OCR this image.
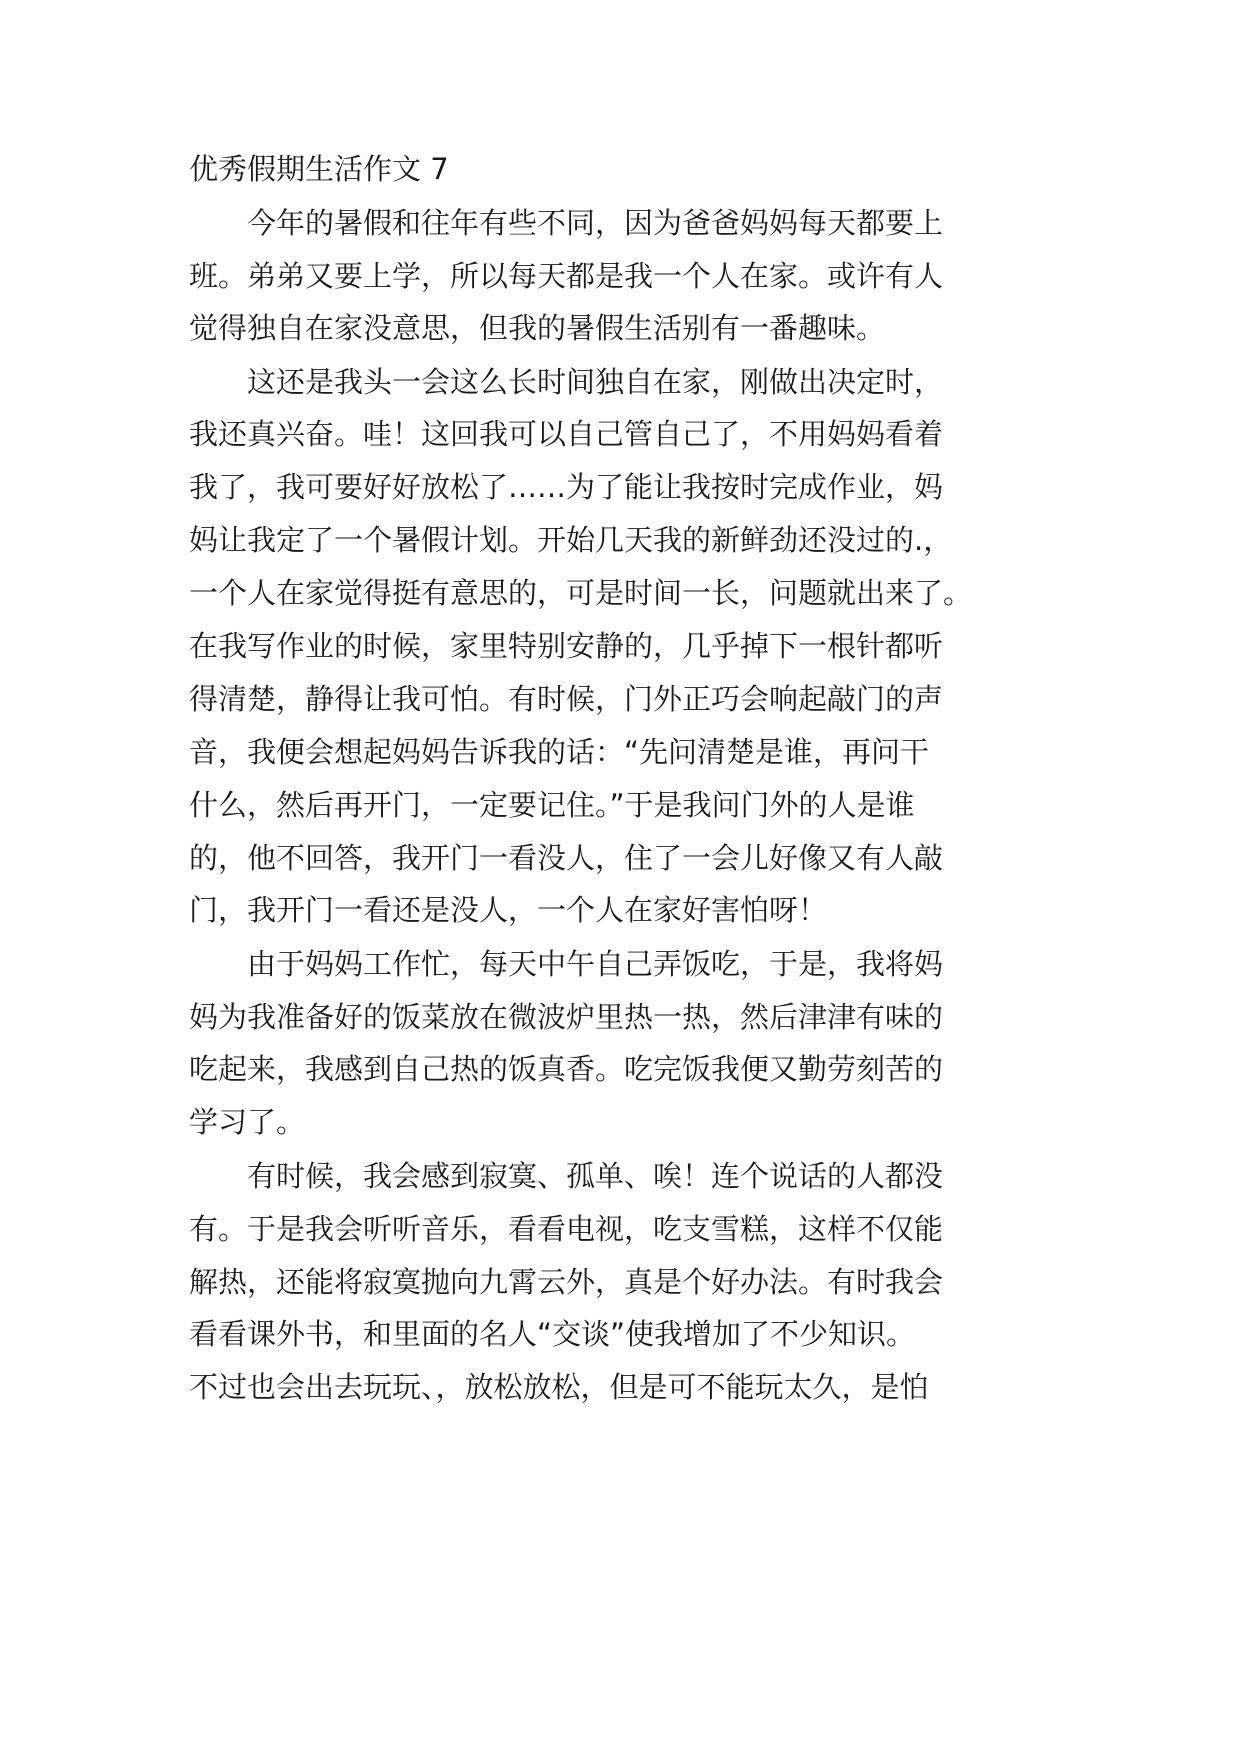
优秀假期生活作文 7
　　今年的暑假和往年有些不同，因为爸爸妈妈每天都要上
班。弟弟又要上学，所以每天都是我一个人在家。或许有人
觉得独自在家没意思，但我的暑假生活别有一番趣味。
　　这还是我头一会这么长时间独自在家，刚做出决定时，
我还真兴奋。哇！这回我可以自己管自己了，不用妈妈看着
我了，我可要好好放松了……为了能让我按时完成作业，妈
妈让我定了一个暑假计划。开始几天我的新鲜劲还没过的.，
一个人在家觉得挺有意思的，可是时间一长，问题就出来了。
在我写作业的时候，家里特别安静的，几乎掉下一根针都听
得清楚，静得让我可怕。有时候，门外正巧会响起敲门的声
音，我便会想起妈妈告诉我的话：“先问清楚是谁，再问干
什么，然后再开门，一定要记住。”于是我问门外的人是谁
的，他不回答，我开门一看没人，住了一会儿好像又有人敲
门，我开门一看还是没人，一个人在家好害怕呀！
　　由于妈妈工作忙，每天中午自己弄饭吃，于是，我将妈
妈为我准备好的饭菜放在微波炉里热一热，然后津津有味的
吃起来，我感到自己热的饭真香。吃完饭我便又勤劳刻苦的
学习了。
　　有时候，我会感到寂寞、孤单、唉！连个说话的人都没
有。于是我会听听音乐，看看电视，吃支雪糕，这样不仅能
解热，还能将寂寞抛向九霄云外，真是个好办法。有时我会
看看课外书，和里面的名人“交谈”使我增加了不少知识。
不过也会出去玩玩、，放松放松，但是可不能玩太久，是怕
